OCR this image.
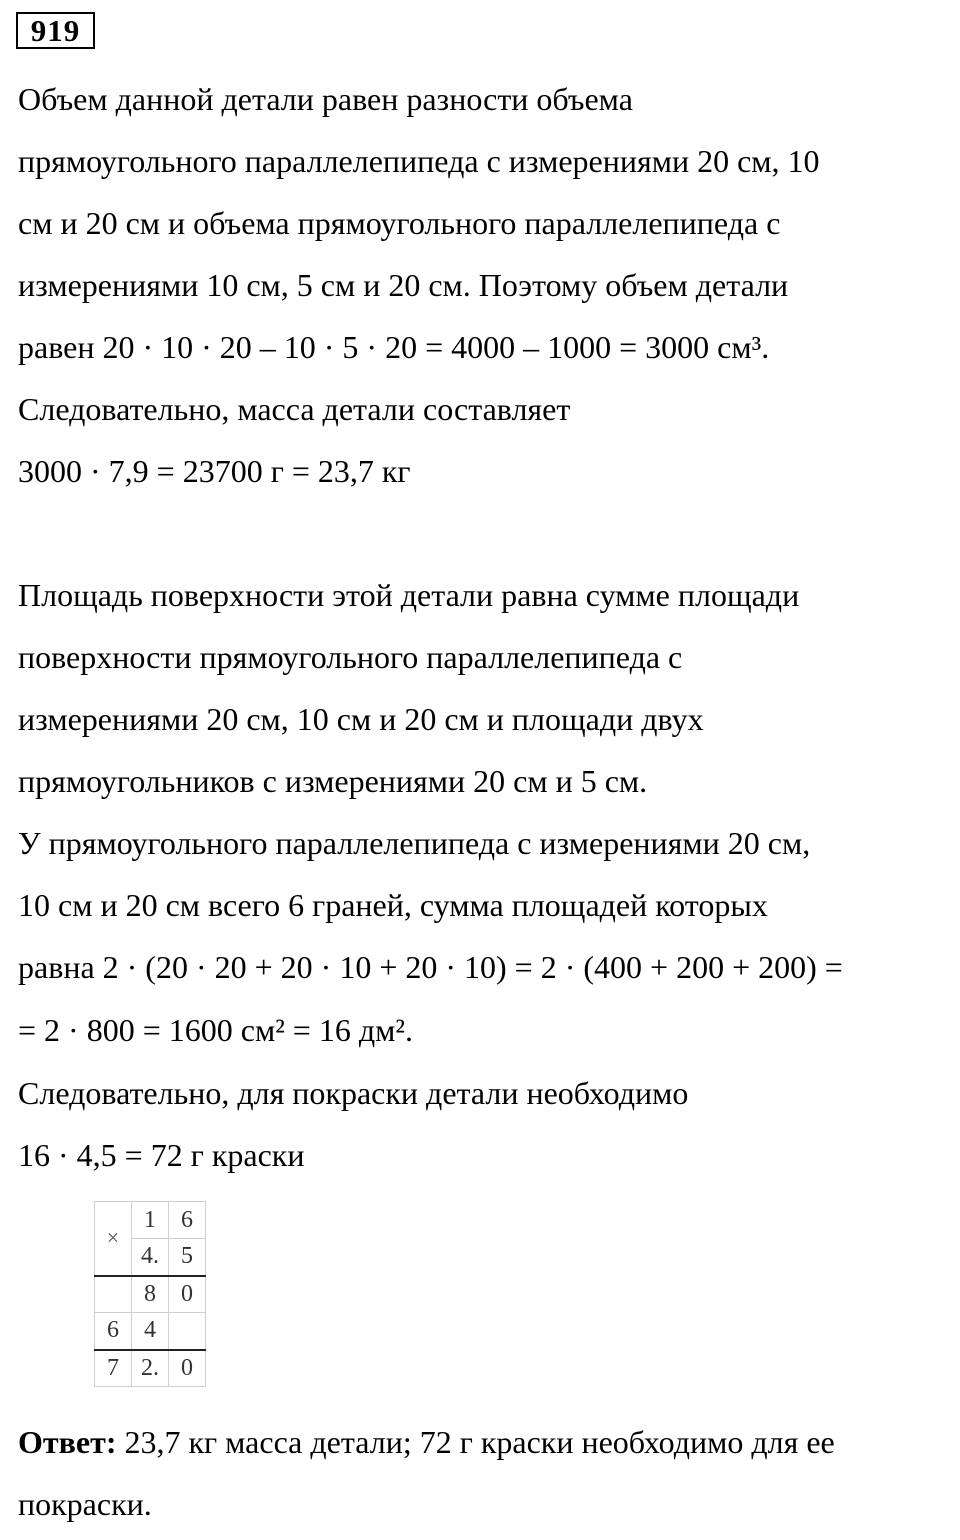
919
Объем данной детали равен разности объема
прямоугольного параллелепипеда с измерениями 20 см, 10
см и 20 см и объема прямоугольного параллелепипеда с
измерениями 10 см, 5 см и 20 см. Поэтому объем детали
равен 20 · 10 · 20 – 10 · 5 · 20 = 4000 – 1000 = 3000 см³.
Следовательно, масса детали составляет
3000 · 7,9 = 23700 г = 23,7 кг
Площадь поверхности этой детали равна сумме площади
поверхности прямоугольного параллелепипеда с
измерениями 20 см, 10 см и 20 см и площади двух
прямоугольников с измерениями 20 см и 5 см.
У прямоугольного параллелепипеда с измерениями 20 см,
10 см и 20 см всего 6 граней, сумма площадей которых
равна 2 · (20 · 20 + 20 · 10 + 20 · 10) = 2 · (400 + 200 + 200) =
= 2 · 800 = 1600 см² = 16 дм².
Следовательно, для покраски детали необходимо
16 · 4,5 = 72 г краски
×	1	6
	4.	5
	8	0
6	4	
7	2.	0
Ответ: 23,7 кг масса детали; 72 г краски необходимо для ее
покраски.
